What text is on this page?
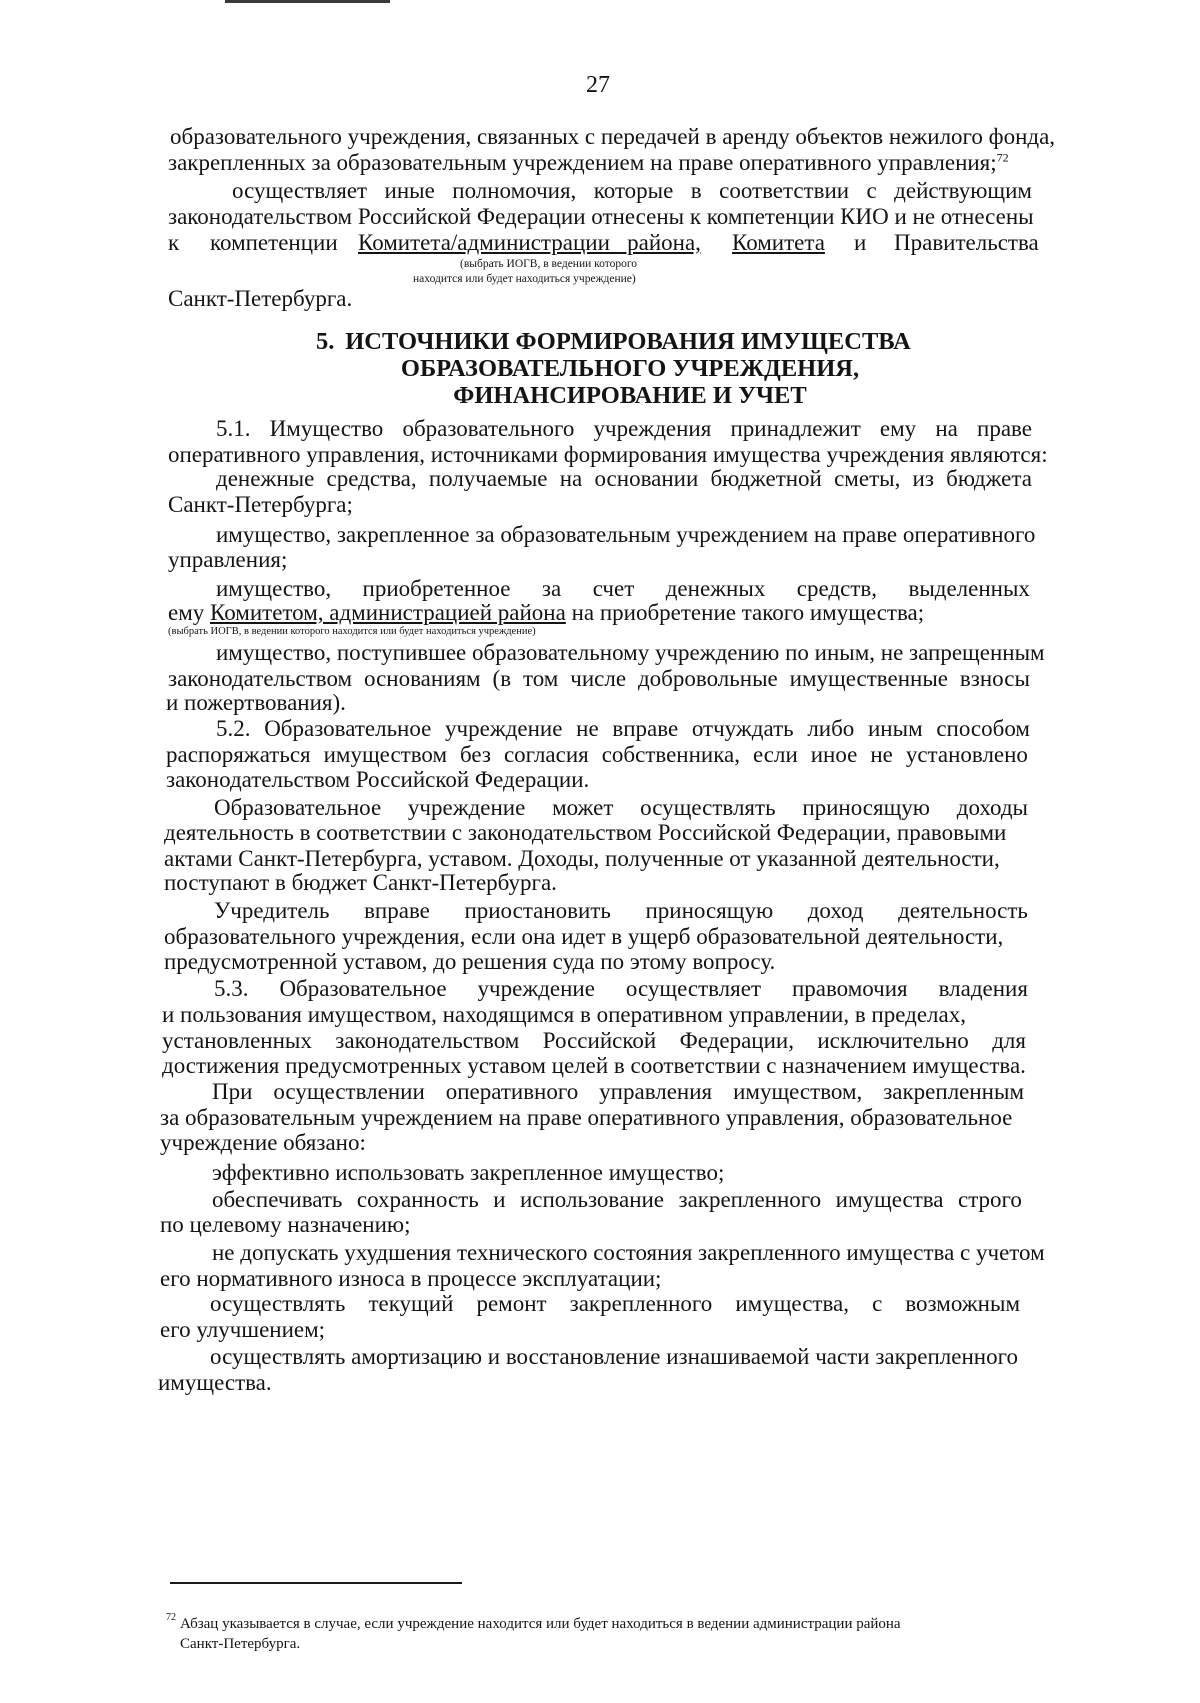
27
образовательного учреждения, связанных с передачей в аренду объектов нежилого фонда,
закрепленных за образовательным учреждением на праве оперативного управления;$^{72}$
осуществляет иные полномочия, которые в соответствии с действующим
законодательством Российской Федерации отнесены к компетенции КИО и не отнесены
к компетенции Комитета/администрации   района, Комитета и Правительства
(выбрать ИОГВ, в ведении которого
находится или будет находиться учреждение)
Санкт-Петербурга.
5. ИСТОЧНИКИ ФОРМИРОВАНИЯ ИМУЩЕСТВА
ОБРАЗОВАТЕЛЬНОГО УЧРЕЖДЕНИЯ,
ФИНАНСИРОВАНИЕ И УЧЕТ
5.1. Имущество образовательного учреждения принадлежит ему на праве
оперативного управления, источниками формирования имущества учреждения являются:
денежные средства, получаемые на основании бюджетной сметы, из бюджета
Санкт-Петербурга;
имущество, закрепленное за образовательным учреждением на праве оперативного
управления;
имущество, приобретенное за счет денежных средств, выделенных
ему Комитетом, администрацией района на приобретение такого имущества;
(выбрать ИОГВ, в ведении которого находится или будет находиться учреждение)
имущество, поступившее образовательному учреждению по иным, не запрещенным
законодательством основаниям (в том числе добровольные имущественные взносы
и пожертвования).
5.2. Образовательное учреждение не вправе отчуждать либо иным способом
распоряжаться имуществом без согласия собственника, если иное не установлено
законодательством Российской Федерации.
Образовательное учреждение может осуществлять приносящую доходы
деятельность в соответствии с законодательством Российской Федерации, правовыми
актами Санкт-Петербурга, уставом. Доходы, полученные от указанной деятельности,
поступают в бюджет Санкт-Петербурга.
Учредитель вправе приостановить приносящую доход деятельность
образовательного учреждения, если она идет в ущерб образовательной деятельности,
предусмотренной уставом, до решения суда по этому вопросу.
5.3. Образовательное учреждение осуществляет правомочия владения
и пользования имуществом, находящимся в оперативном управлении, в пределах,
установленных законодательством Российской Федерации, исключительно для
достижения предусмотренных уставом целей в соответствии с назначением имущества.
При осуществлении оперативного управления имуществом, закрепленным
за образовательным учреждением на праве оперативного управления, образовательное
учреждение обязано:
эффективно использовать закрепленное имущество;
обеспечивать сохранность и использование закрепленного имущества строго
по целевому назначению;
не допускать ухудшения технического состояния закрепленного имущества с учетом
его нормативного износа в процессе эксплуатации;
осуществлять текущий ремонт закрепленного имущества, с возможным
его улучшением;
осуществлять амортизацию и восстановление изнашиваемой части закрепленного
имущества.
72 Абзац указывается в случае, если учреждение находится или будет находиться в ведении администрации района
Санкт-Петербурга.
